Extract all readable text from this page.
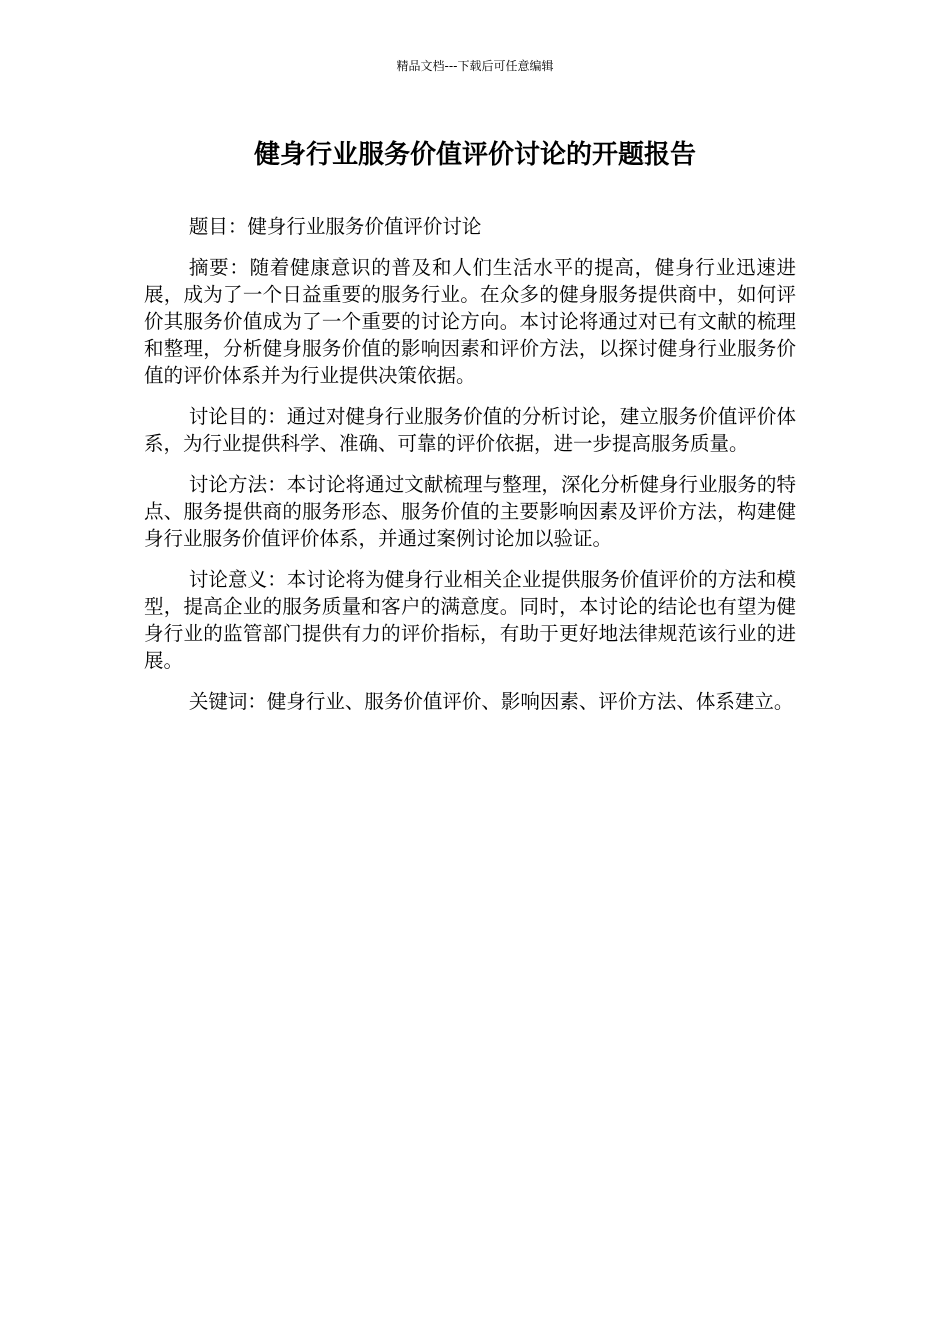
精品文档---下载后可任意编辑
健身行业服务价值评价讨论的开题报告

题目：健身行业服务价值评价讨论

摘要：随着健康意识的普及和人们生活水平的提高，健身行业迅速进展，成为了一个日益重要的服务行业。在众多的健身服务提供商中，如何评价其服务价值成为了一个重要的讨论方向。本讨论将通过对已有文献的梳理和整理，分析健身服务价值的影响因素和评价方法，以探讨健身行业服务价值的评价体系并为行业提供决策依据。

讨论目的：通过对健身行业服务价值的分析讨论，建立服务价值评价体系，为行业提供科学、准确、可靠的评价依据，进一步提高服务质量。

讨论方法：本讨论将通过文献梳理与整理，深化分析健身行业服务的特点、服务提供商的服务形态、服务价值的主要影响因素及评价方法，构建健身行业服务价值评价体系，并通过案例讨论加以验证。

讨论意义：本讨论将为健身行业相关企业提供服务价值评价的方法和模型，提高企业的服务质量和客户的满意度。同时，本讨论的结论也有望为健身行业的监管部门提供有力的评价指标，有助于更好地法律规范该行业的进展。

关键词：健身行业、服务价值评价、影响因素、评价方法、体系建立。
